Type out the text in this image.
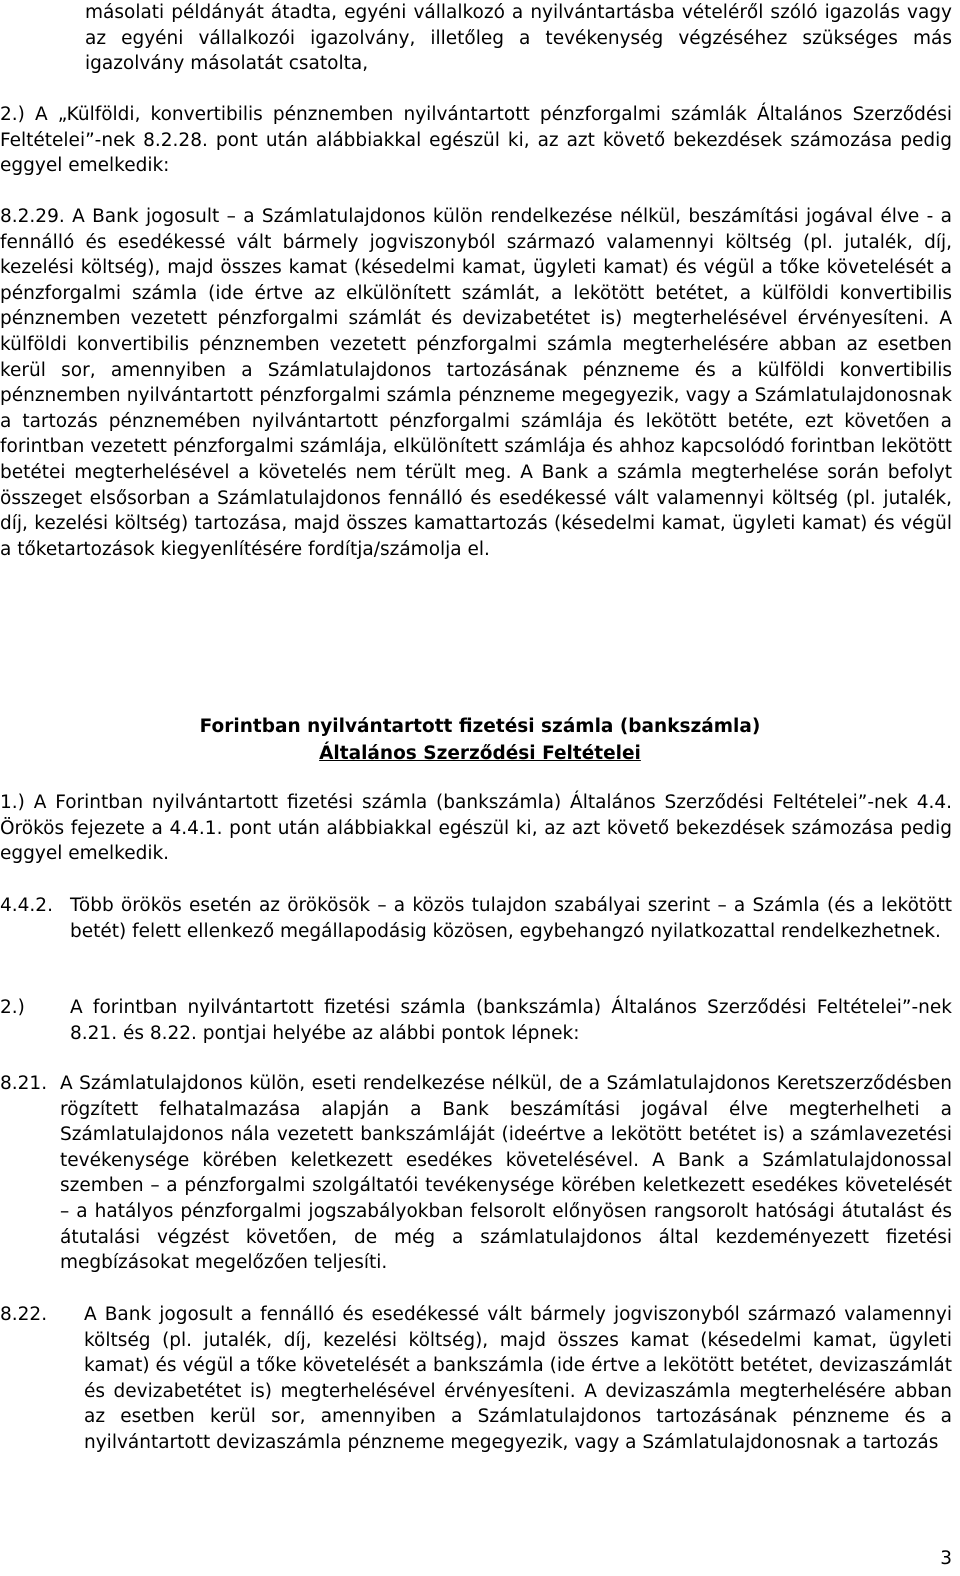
másolati példányát átadta, egyéni vállalkozó a nyilvántartásba vételéről szóló igazolás vagy az egyéni vállalkozói igazolvány, illetőleg a tevékenység végzéséhez szükséges más igazolvány másolatát csatolta,

2.) A „Külföldi, konvertibilis pénznemben nyilvántartott pénzforgalmi számlák Általános Szerződési Feltételei”-nek 8.2.28. pont után alábbiakkal egészül ki, az azt követő bekezdések számozása pedig eggyel emelkedik:

8.2.29. A Bank jogosult – a Számlatulajdonos külön rendelkezése nélkül, beszámítási jogával élve - a fennálló és esedékessé vált bármely jogviszonyból származó valamennyi költség (pl. jutalék, díj, kezelési költség), majd összes kamat (késedelmi kamat, ügyleti kamat) és végül a tőke követelését a pénzforgalmi számla (ide értve az elkülönített számlát, a lekötött betétet, a külföldi konvertibilis pénznemben vezetett pénzforgalmi számlát és devizabetétet is) megterhelésével érvényesíteni. A külföldi konvertibilis pénznemben vezetett pénzforgalmi számla megterhelésére abban az esetben kerül sor, amennyiben a Számlatulajdonos tartozásának pénzneme és a külföldi konvertibilis pénznemben nyilvántartott pénzforgalmi számla pénzneme megegyezik, vagy a Számlatulajdonosnak a tartozás pénznemében nyilvántartott pénzforgalmi számlája és lekötött betéte, ezt követően a forintban vezetett pénzforgalmi számlája, elkülönített számlája és ahhoz kapcsolódó forintban lekötött betétei megterhelésével a követelés nem térült meg. A Bank a számla megterhelése során befolyt összeget elsősorban a Számlatulajdonos fennálló és esedékessé vált valamennyi költség (pl. jutalék, díj, kezelési költség) tartozása, majd összes kamattartozás (késedelmi kamat, ügyleti kamat) és végül a tőketartozások kiegyenlítésére fordítja/számolja el.

Forintban nyilvántartott fizetési számla (bankszámla)
Általános Szerződési Feltételei

1.) A Forintban nyilvántartott fizetési számla (bankszámla) Általános Szerződési Feltételei”-nek 4.4. Örökös fejezete a 4.4.1. pont után alábbiakkal egészül ki, az azt követő bekezdések számozása pedig eggyel emelkedik.

4.4.2. Több örökös esetén az örökösök – a közös tulajdon szabályai szerint – a Számla (és a lekötött betét) felett ellenkező megállapodásig közösen, egybehangzó nyilatkozattal rendelkezhetnek.
2.)	A forintban nyilvántartott fizetési számla (bankszámla) Általános Szerződési Feltételei”-nek 8.21. és 8.22. pontjai helyébe az alábbi pontok lépnek:
8.21. A Számlatulajdonos külön, eseti rendelkezése nélkül, de a Számlatulajdonos Keretszerződésben rögzített felhatalmazása alapján a Bank beszámítási jogával élve megterhelheti a Számlatulajdonos nála vezetett bankszámláját (ideértve a lekötött betétet is) a számlavezetési tevékenysége körében keletkezett esedékes követelésével. A Bank a Számlatulajdonossal szemben – a pénzforgalmi szolgáltatói tevékenysége körében keletkezett esedékes követelését – a hatályos pénzforgalmi jogszabályokban felsorolt előnyösen rangsorolt hatósági átutalást és átutalási végzést követően, de még a számlatulajdonos által kezdeményezett fizetési megbízásokat megelőzően teljesíti.
8.22.	A Bank jogosult a fennálló és esedékessé vált bármely jogviszonyból származó valamennyi költség (pl. jutalék, díj, kezelési költség), majd összes kamat (késedelmi kamat, ügyleti kamat) és végül a tőke követelését a bankszámla (ide értve a lekötött betétet, devizaszámlát és devizabetétet is) megterhelésével érvényesíteni. A devizaszámla megterhelésére abban az esetben kerül sor, amennyiben a Számlatulajdonos tartozásának pénzneme és a nyilvántartott devizaszámla pénzneme megegyezik, vagy a Számlatulajdonosnak a tartozás
3
